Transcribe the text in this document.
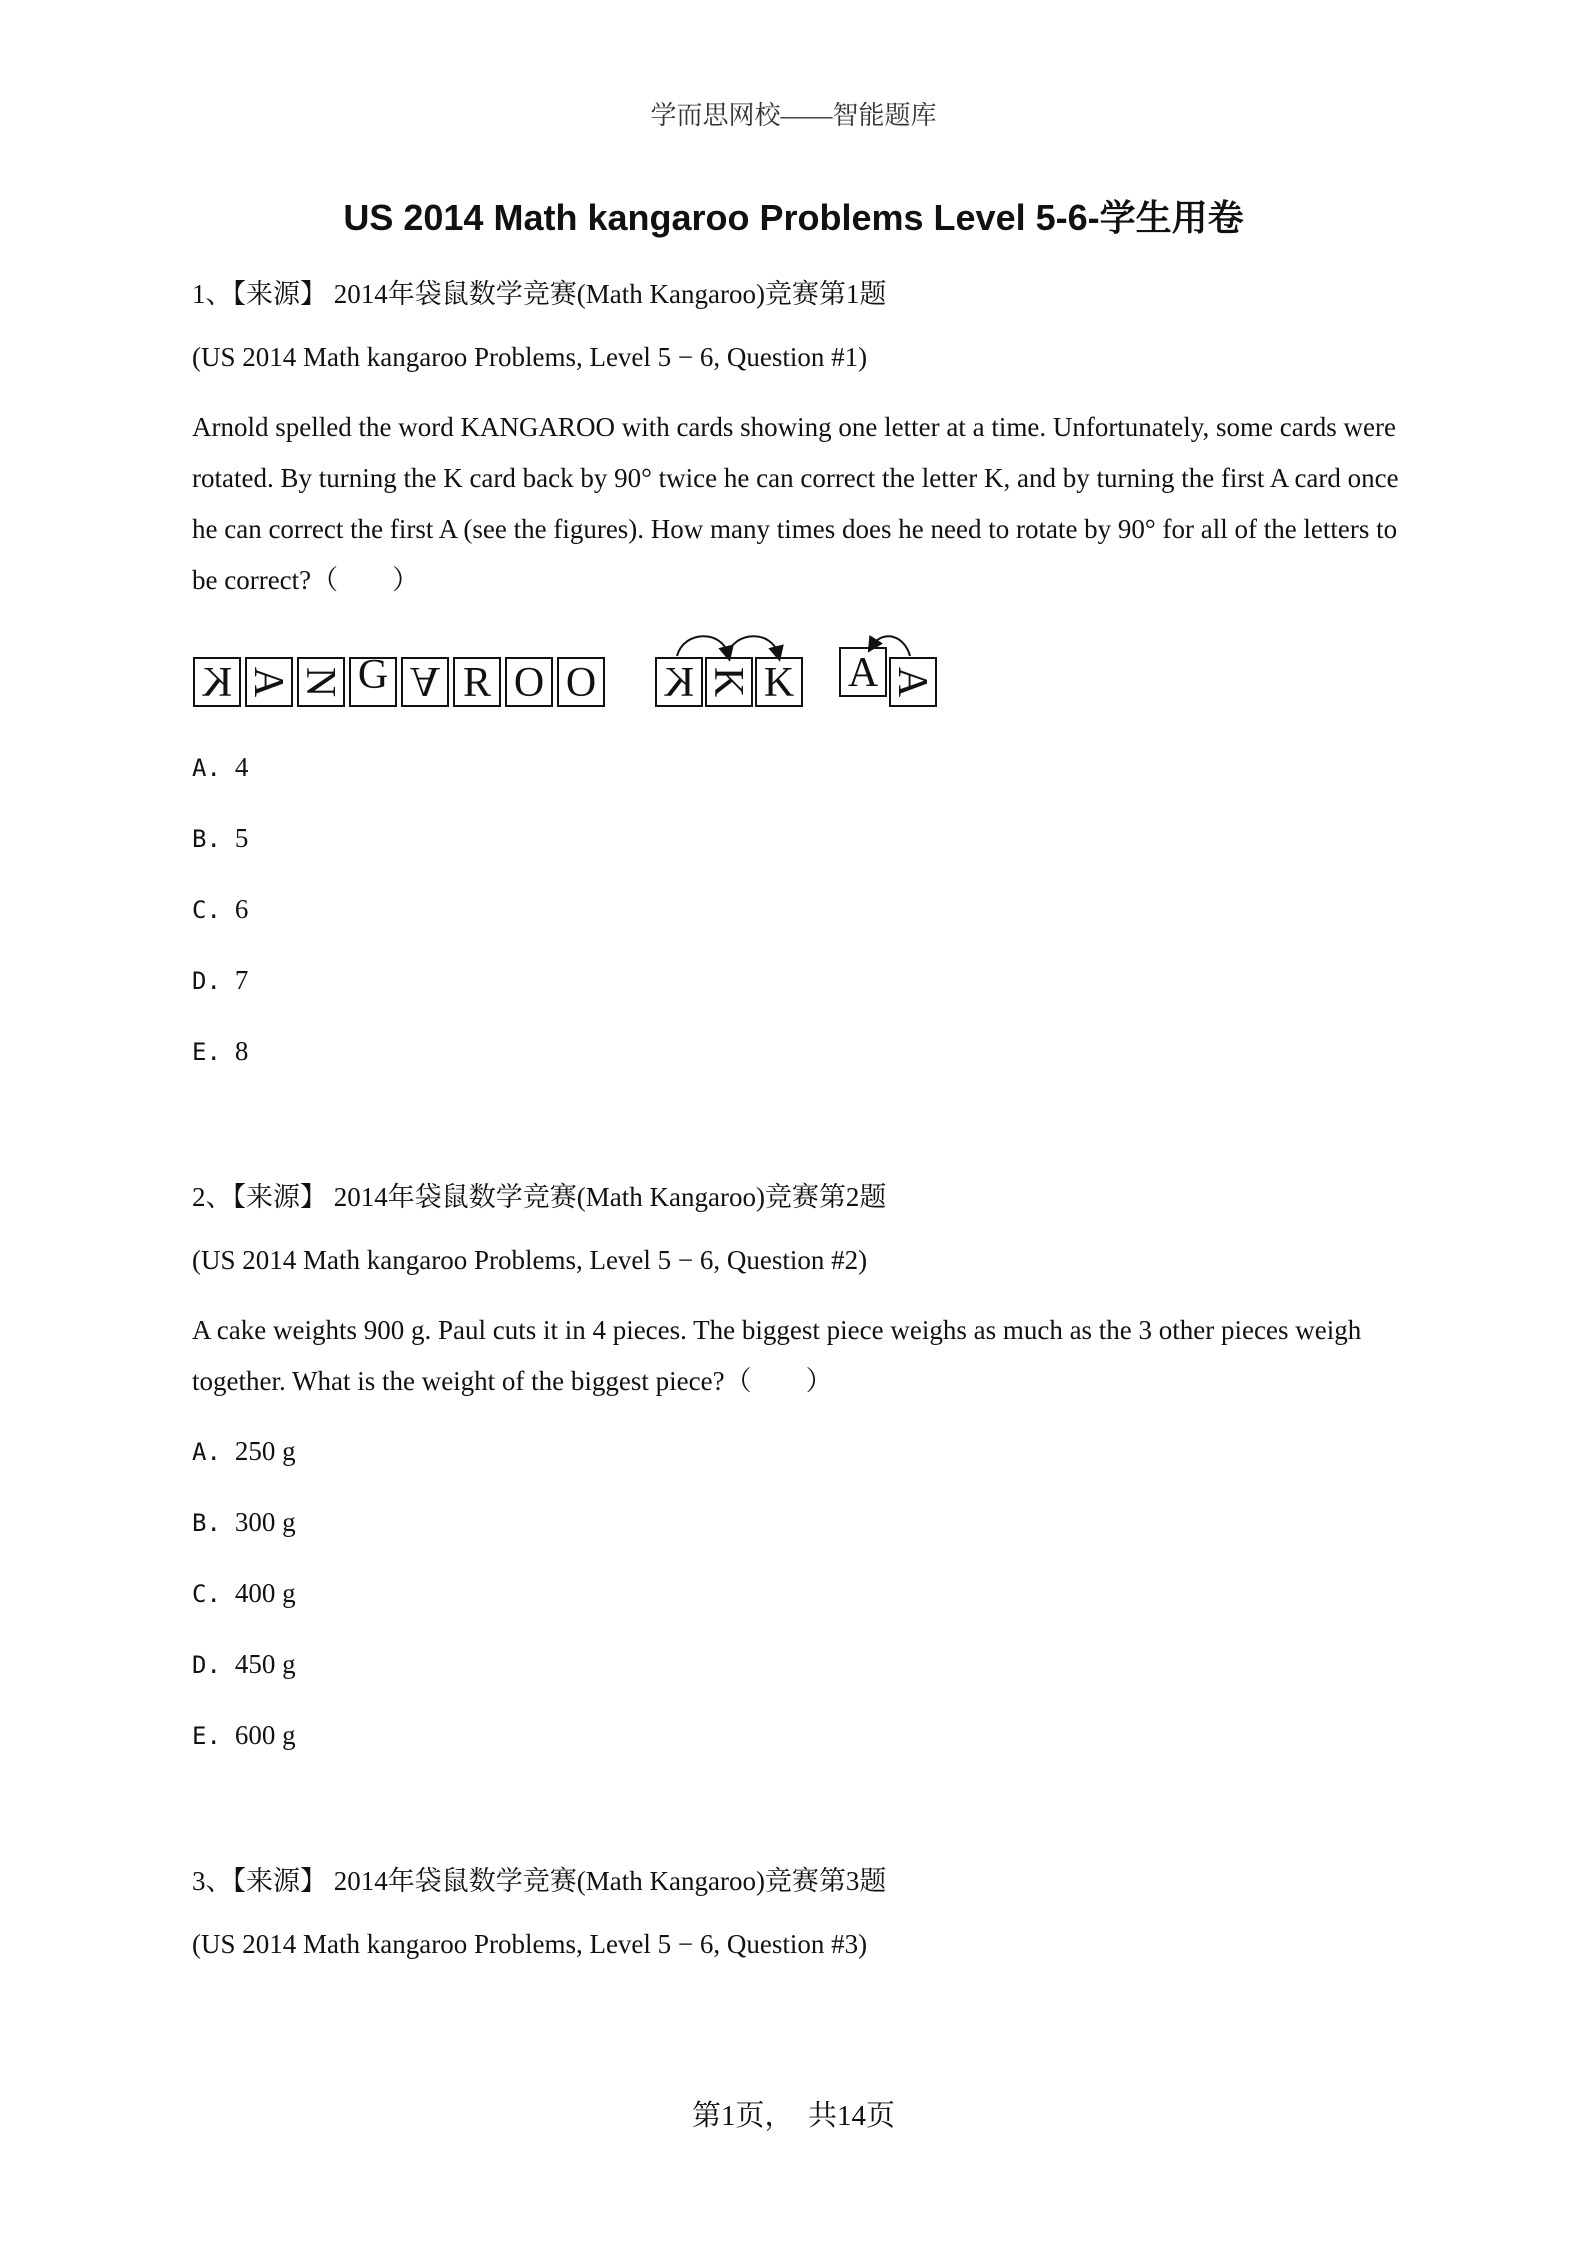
学而思网校——智能题库
US 2014 Math kangaroo Problems Level 5-6-学生用卷
1、【来源】 2014年袋鼠数学竞赛(Math Kangaroo)竞赛第1题
(US 2014 Math kangaroo Problems, Level 5 − 6, Question #1)
Arnold spelled the word KANGAROO with cards showing one letter at a time. Unfortunately, some cards were rotated. By turning the K card back by 90° twice he can correct the letter K, and by turning the first A card once he can correct the first A (see the figures). How many times does he need to rotate by 90° for all of the letters to be correct?（　　）
K A N G A R O O K K K A A
A. 4
B. 5
C. 6
D. 7
E. 8
2、【来源】 2014年袋鼠数学竞赛(Math Kangaroo)竞赛第2题
(US 2014 Math kangaroo Problems, Level 5 − 6, Question #2)
A cake weights 900 g. Paul cuts it in 4 pieces. The biggest piece weighs as much as the 3 other pieces weigh together. What is the weight of the biggest piece?（　　）
A. 250 g
B. 300 g
C. 400 g
D. 450 g
E. 600 g
3、【来源】 2014年袋鼠数学竞赛(Math Kangaroo)竞赛第3题
(US 2014 Math kangaroo Problems, Level 5 − 6, Question #3)
第1页，　共14页
